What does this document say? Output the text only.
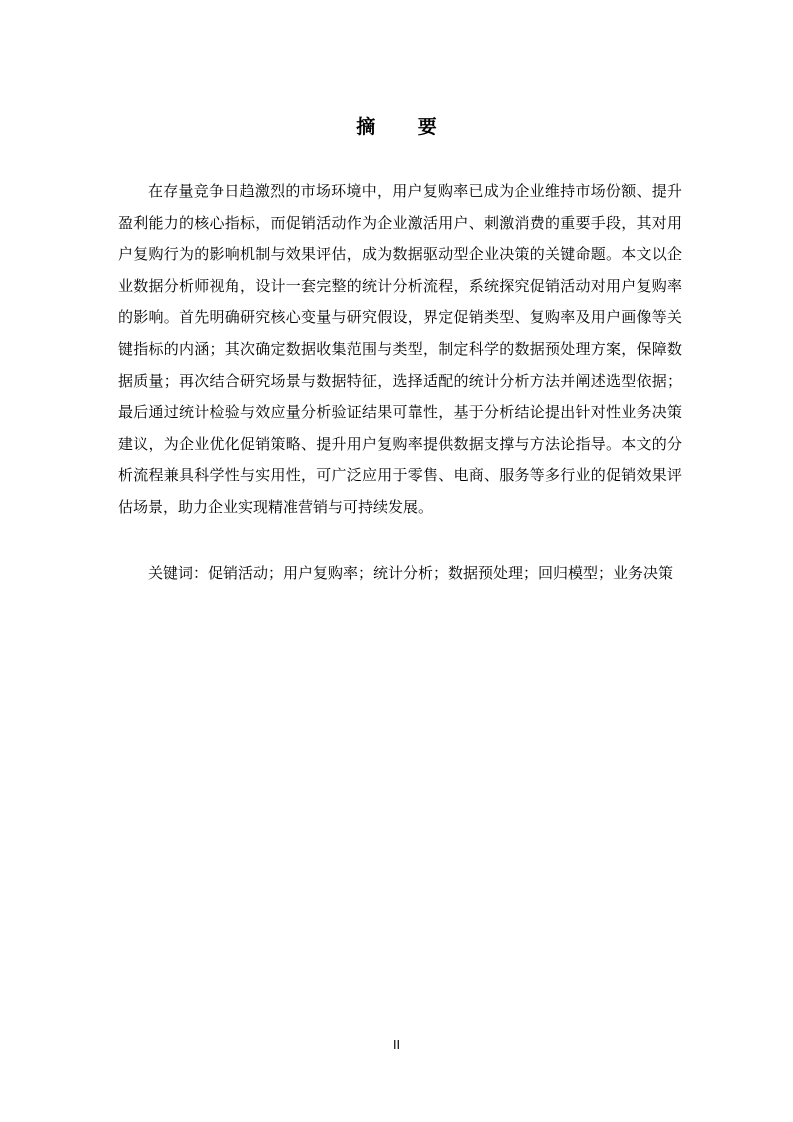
摘 要

在存量竞争日趋激烈的市场环境中，用户复购率已成为企业维持市场份额、提升盈利能力的核心指标，而促销活动作为企业激活用户、刺激消费的重要手段，其对用户复购行为的影响机制与效果评估，成为数据驱动型企业决策的关键命题。本文以企业数据分析师视角，设计一套完整的统计分析流程，系统探究促销活动对用户复购率的影响。首先明确研究核心变量与研究假设，界定促销类型、复购率及用户画像等关键指标的内涵；其次确定数据收集范围与类型，制定科学的数据预处理方案，保障数据质量；再次结合研究场景与数据特征，选择适配的统计分析方法并阐述选型依据；最后通过统计检验与效应量分析验证结果可靠性，基于分析结论提出针对性业务决策建议，为企业优化促销策略、提升用户复购率提供数据支撑与方法论指导。本文的分析流程兼具科学性与实用性，可广泛应用于零售、电商、服务等多行业的促销效果评估场景，助力企业实现精准营销与可持续发展。

关键词：促销活动；用户复购率；统计分析；数据预处理；回归模型；业务决策

II
